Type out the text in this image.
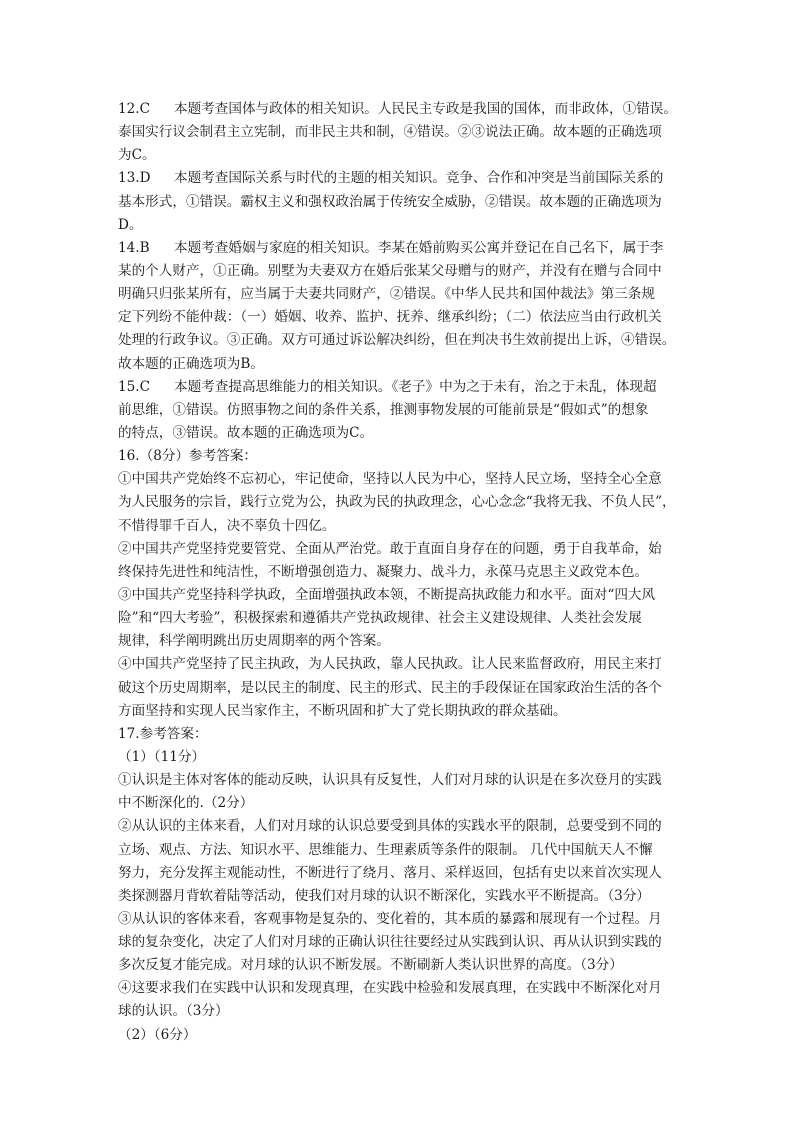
12.C 本题考查国体与政体的相关知识。人民民主专政是我国的国体，而非政体，①错误。
泰国实行议会制君主立宪制，而非民主共和制，④错误。②③说法正确。故本题的正确选项
为C。
13.D 本题考查国际关系与时代的主题的相关知识。竞争、合作和冲突是当前国际关系的
基本形式，①错误。霸权主义和强权政治属于传统安全威胁，②错误。故本题的正确选项为
D。
14.B 本题考查婚姻与家庭的相关知识。李某在婚前购买公寓并登记在自己名下，属于李
某的个人财产，①正确。别墅为夫妻双方在婚后张某父母赠与的财产，并没有在赠与合同中
明确只归张某所有，应当属于夫妻共同财产，②错误。《中华人民共和国仲裁法》第三条规
定下列纷不能仲裁：（一）婚姻、收养、监护、抚养、继承纠纷；（二）依法应当由行政机关
处理的行政争议。③正确。双方可通过诉讼解决纠纷，但在判决书生效前提出上诉，④错误。
故本题的正确选项为B。
15.C 本题考查提高思维能力的相关知识。《老子》中为之于未有，治之于未乱，体现超
前思维，①错误。仿照事物之间的条件关系，推测事物发展的可能前景是“假如式”的想象
的特点，③错误。故本题的正确选项为C。
16.（8分）参考答案：
①中国共产党始终不忘初心，牢记使命，坚持以人民为中心，坚持人民立场，坚持全心全意
为人民服务的宗旨，践行立党为公，执政为民的执政理念，心心念念“我将无我、不负人民”，
不惜得罪千百人，决不辜负十四亿。
②中国共产党坚持党要管党、全面从严治党。敢于直面自身存在的问题，勇于自我革命，始
终保持先进性和纯洁性，不断增强创造力、凝聚力、战斗力，永葆马克思主义政党本色。
③中国共产党坚持科学执政，全面增强执政本领，不断提高执政能力和水平。面对“四大风
险”和“四大考验”，积极探索和遵循共产党执政规律、社会主义建设规律、人类社会发展
规律，科学阐明跳出历史周期率的两个答案。
④中国共产党坚持了民主执政，为人民执政，靠人民执政。让人民来监督政府，用民主来打
破这个历史周期率，是以民主的制度、民主的形式、民主的手段保证在国家政治生活的各个
方面坚持和实现人民当家作主，不断巩固和扩大了党长期执政的群众基础。
17.参考答案：
（1）（11分）
①认识是主体对客体的能动反映，认识具有反复性，人们对月球的认识是在多次登月的实践
中不断深化的.（2分）
②从认识的主体来看，人们对月球的认识总要受到具体的实践水平的限制，总要受到不同的
立场、观点、方法、知识水平、思维能力、生理素质等条件的限制。 几代中国航天人不懈
努力，充分发挥主观能动性，不断进行了绕月、落月、采样返回，包括有史以来首次实现人
类探测器月背软着陆等活动，使我们对月球的认识不断深化，实践水平不断提高。（3分）
③从认识的客体来看，客观事物是复杂的、变化着的，其本质的暴露和展现有一个过程。月
球的复杂变化，决定了人们对月球的正确认识往往要经过从实践到认识、再从认识到实践的
多次反复才能完成。对月球的认识不断发展。不断刷新人类认识世界的高度。（3分）
④这要求我们在实践中认识和发现真理，在实践中检验和发展真理，在实践中不断深化对月
球的认识。（3分）
（2）（6分）
